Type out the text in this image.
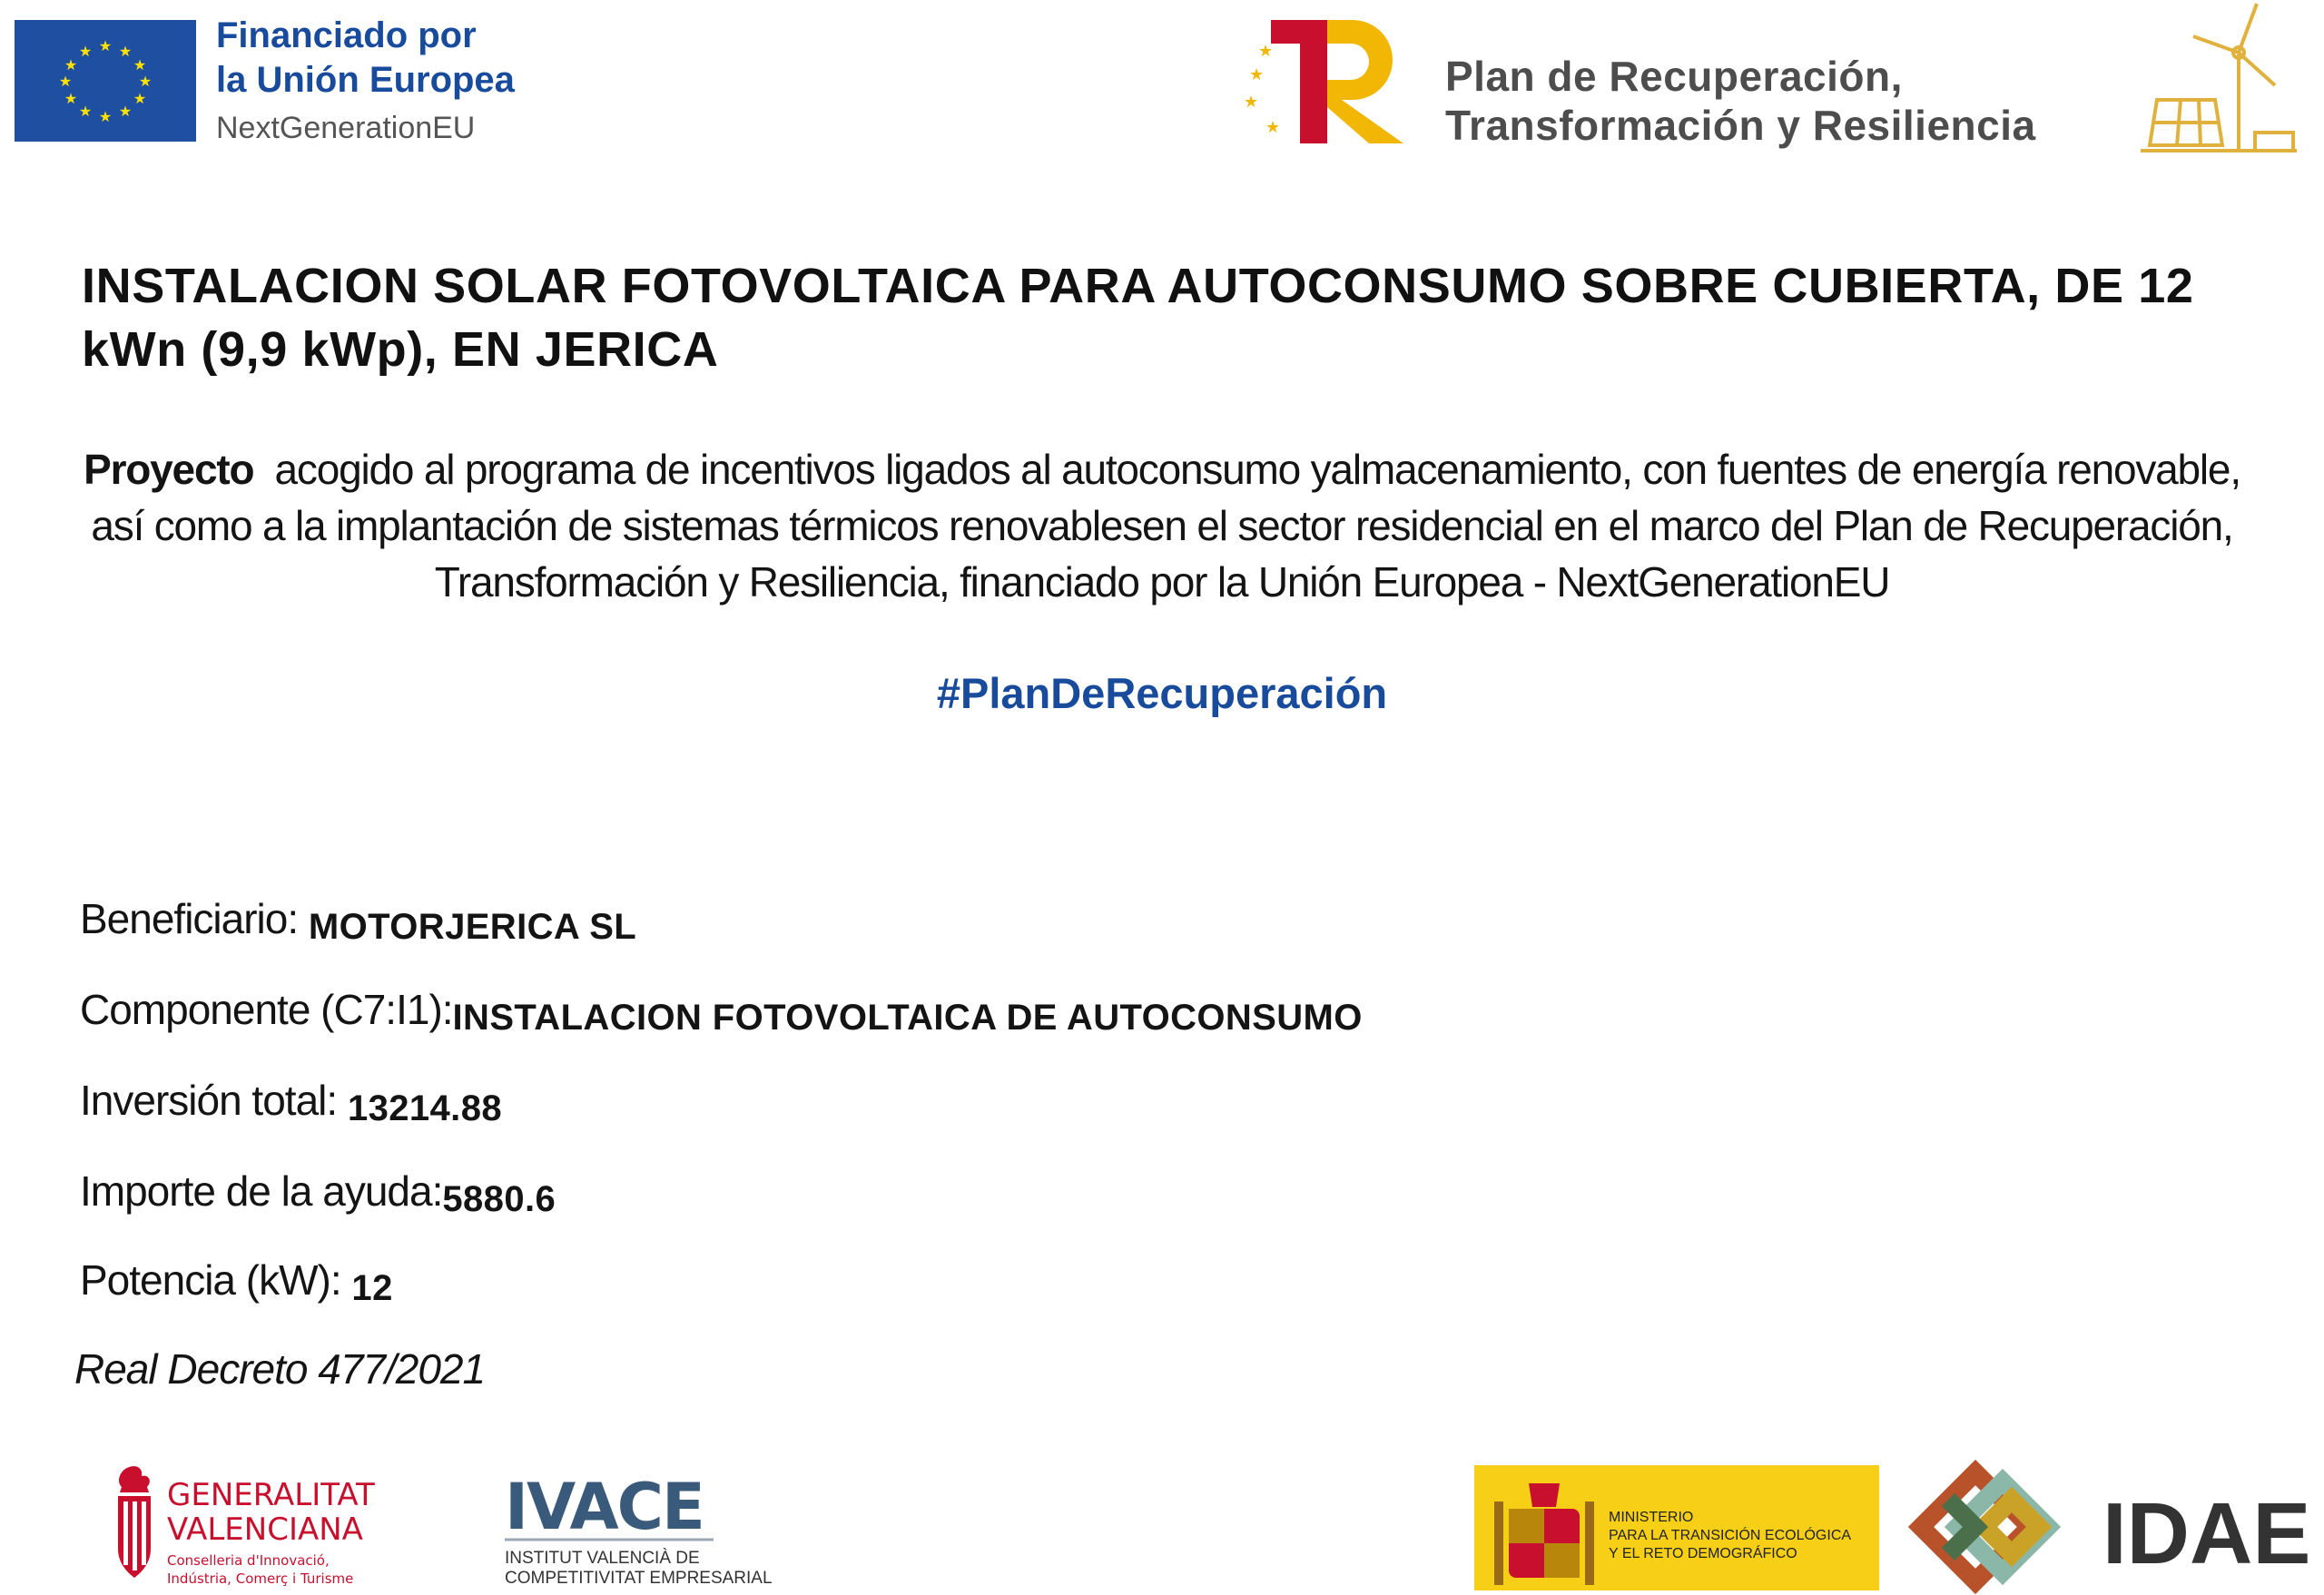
★ ★
★
★
★
★
★
★
★
★
★
★	Financiado por
la Unión Europea
NextGenerationEU
★
★
★
★
Plan de Recuperación,
Transformación y Resiliencia
INSTALACION SOLAR FOTOVOLTAICA PARA AUTOCONSUMO SOBRE CUBIERTA, DE 12 kWn (9,9 kWp), EN JERICA
Proyecto acogido al programa de incentivos ligados al autoconsumo yalmacenamiento, con fuentes de energía renovable, así como a la implantación de sistemas térmicos renovablesen el sector residencial en el marco del Plan de Recuperación, Transformación y Resiliencia, financiado por la Unión Europea - NextGenerationEU
#PlanDeRecuperación
Beneficiario: MOTORJERICA SL
Componente (C7:I1):INSTALACION FOTOVOLTAICA DE AUTOCONSUMO
Inversión total: 13214.88
Importe de la ayuda:5880.6
Potencia (kW): 12
Real Decreto 477/2021
GENERALITAT
VALENCIANA
Conselleria d'Innovació,
Indústria, Comerç i Turisme
IVACE
INSTITUT VALENCIÀ DE
COMPETITIVITAT EMPRESARIAL
MINISTERIO
PARA LA TRANSICIÓN ECOLÓGICA
Y EL RETO DEMOGRÁFICO	IDAE
